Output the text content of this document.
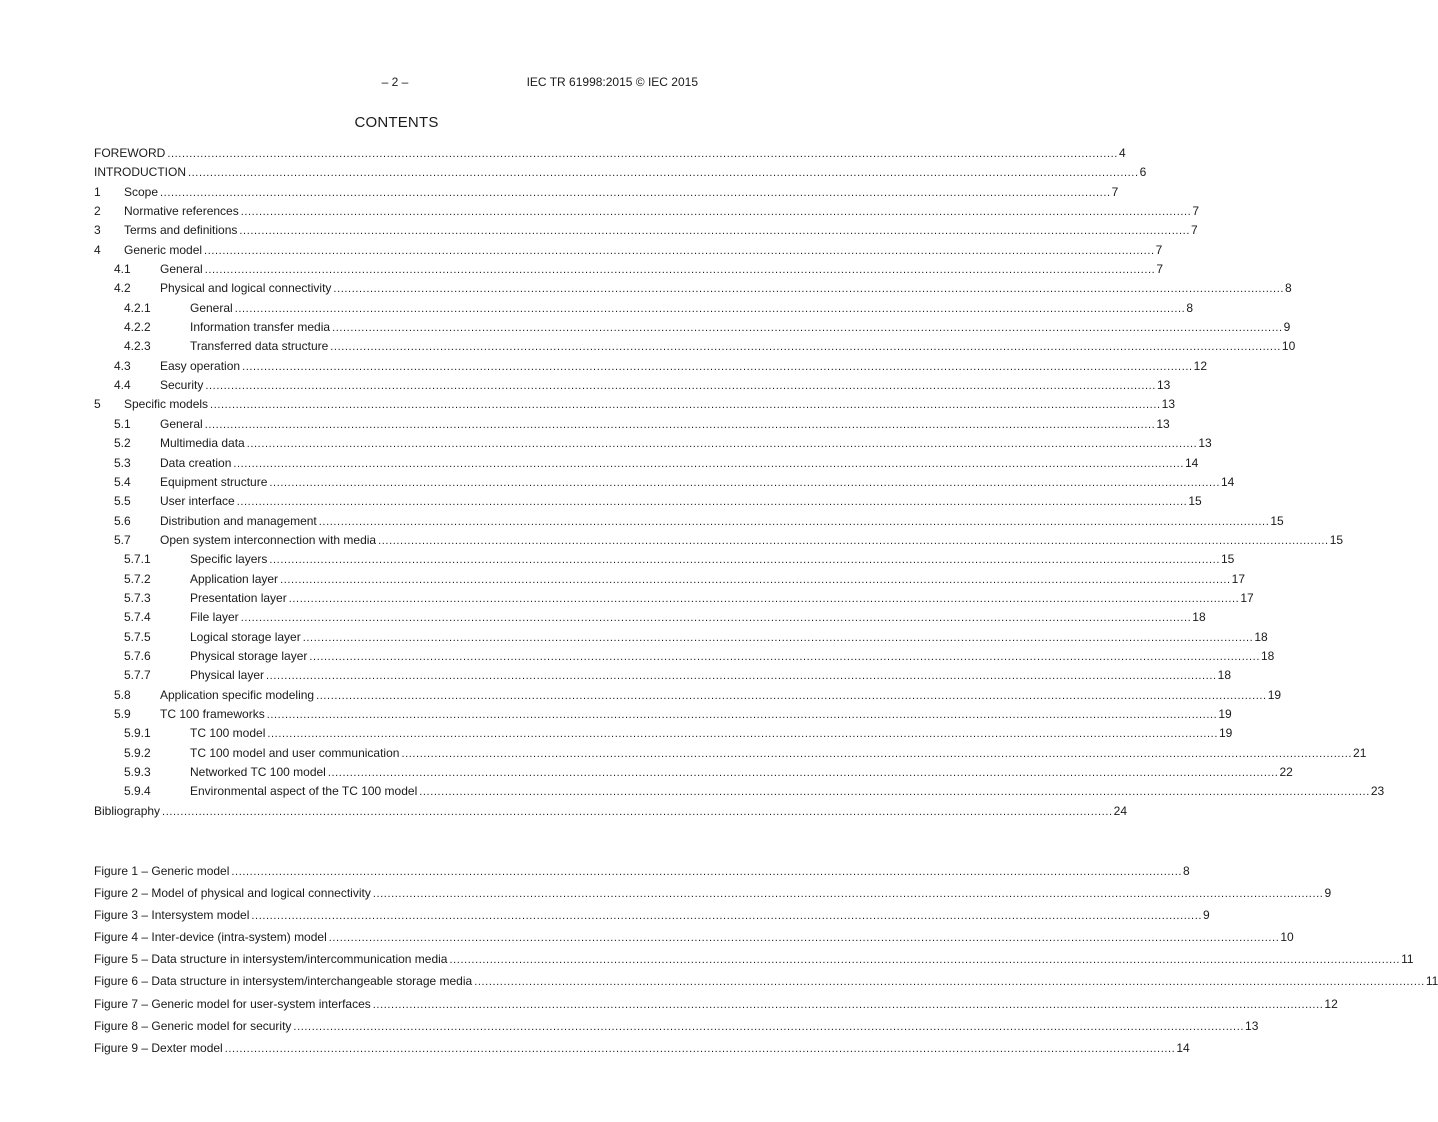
– 2 –	IEC TR 61998:2015 © IEC 2015
CONTENTS
FOREWORD .................................................................................................................................................................................................................................................................... 4
INTRODUCTION .................................................................................................................................................................................................................................................................... 6
1 Scope .................................................................................................................................................................................................................................................................... 7
2 Normative references .................................................................................................................................................................................................................................................................... 7
3 Terms and definitions .................................................................................................................................................................................................................................................................... 7
4 Generic model .................................................................................................................................................................................................................................................................... 7
4.1 General .................................................................................................................................................................................................................................................................... 7
4.2 Physical and logical connectivity .................................................................................................................................................................................................................................................................... 8
4.2.1	General .................................................................................................................................................................................................................................................................... 8
4.2.2	Information transfer media .................................................................................................................................................................................................................................................................... 9
4.2.3	Transferred data structure .................................................................................................................................................................................................................................................................... 10
4.3 Easy operation .................................................................................................................................................................................................................................................................... 12
4.4 Security .................................................................................................................................................................................................................................................................... 13
5 Specific models .................................................................................................................................................................................................................................................................... 13
5.1 General .................................................................................................................................................................................................................................................................... 13
5.2 Multimedia data .................................................................................................................................................................................................................................................................... 13
5.3 Data creation .................................................................................................................................................................................................................................................................... 14
5.4 Equipment structure .................................................................................................................................................................................................................................................................... 14
5.5 User interface .................................................................................................................................................................................................................................................................... 15
5.6 Distribution and management .................................................................................................................................................................................................................................................................... 15
5.7 Open system interconnection with media .................................................................................................................................................................................................................................................................... 15
5.7.1	Specific layers .................................................................................................................................................................................................................................................................... 15
5.7.2	Application layer .................................................................................................................................................................................................................................................................... 17
5.7.3	Presentation layer .................................................................................................................................................................................................................................................................... 17
5.7.4	File layer .................................................................................................................................................................................................................................................................... 18
5.7.5	Logical storage layer .................................................................................................................................................................................................................................................................... 18
5.7.6	Physical storage layer .................................................................................................................................................................................................................................................................... 18
5.7.7	Physical layer .................................................................................................................................................................................................................................................................... 18
5.8 Application specific modeling .................................................................................................................................................................................................................................................................... 19
5.9 TC 100 frameworks .................................................................................................................................................................................................................................................................... 19
5.9.1	TC 100 model .................................................................................................................................................................................................................................................................... 19
5.9.2	TC 100 model and user communication .................................................................................................................................................................................................................................................................... 21
5.9.3	Networked TC 100 model .................................................................................................................................................................................................................................................................... 22
5.9.4	Environmental aspect of the TC 100 model .................................................................................................................................................................................................................................................................... 23
Bibliography .................................................................................................................................................................................................................................................................... 24
Figure 1 – Generic model .................................................................................................................................................................................................................................................................... 8
Figure 2 – Model of physical and logical connectivity .................................................................................................................................................................................................................................................................... 9
Figure 3 – Intersystem model .................................................................................................................................................................................................................................................................... 9
Figure 4 – Inter-device (intra-system) model .................................................................................................................................................................................................................................................................... 10
Figure 5 – Data structure in intersystem/intercommunication media .................................................................................................................................................................................................................................................................... 11
Figure 6 – Data structure in intersystem/interchangeable storage media .................................................................................................................................................................................................................................................................... 11
Figure 7 – Generic model for user-system interfaces .................................................................................................................................................................................................................................................................... 12
Figure 8 – Generic model for security .................................................................................................................................................................................................................................................................... 13
Figure 9 – Dexter model .................................................................................................................................................................................................................................................................... 14
